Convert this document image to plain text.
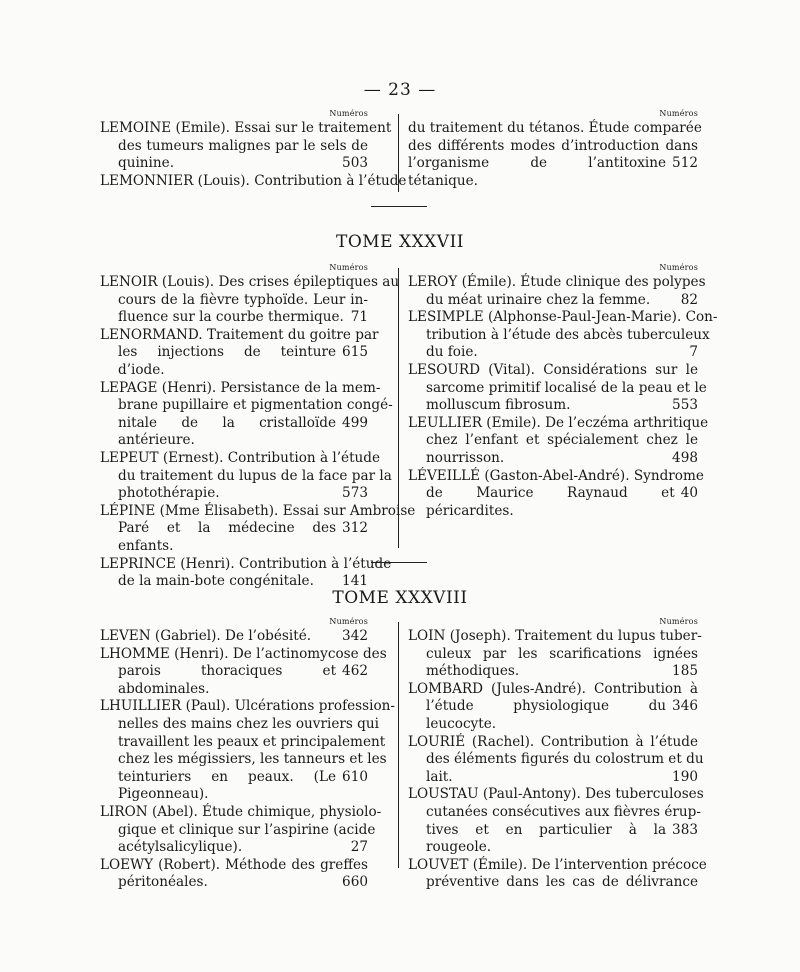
— 23 —
Numéros
LEMOINE (Emile). Essai sur le traitement
des tumeurs malignes par le sels de
quinine.	503
LEMONNIER (Louis). Contribution à l’étude
Numéros
du traitement du tétanos. Étude comparée
des différents modes d’introduction dans
l’organisme de l’antitoxine tétanique.
512
TOME XXXVII
Numéros
LENOIR (Louis). Des crises épileptiques au
cours de la fièvre typhoïde. Leur in-
fluence sur la courbe thermique. 71
LENORMAND. Traitement du goitre par
les injections de teinture d’iode.
615
LEPAGE (Henri). Persistance de la mem-
brane pupillaire et pigmentation congé-
nitale de la cristalloïde antérieure.
499
LEPEUT (Ernest). Contribution à l’étude
du traitement du lupus de la face par la
photothérapie.	573
LÉPINE (Mme Élisabeth). Essai sur Ambroise
Paré et la médecine des enfants.
312
LEPRINCE (Henri). Contribution à l’étude
de la main-bote congénitale.	141
Numéros
LEROY (Émile). Étude clinique des polypes
du méat urinaire chez la femme.	82
LESIMPLE (Alphonse-Paul-Jean-Marie). Con-
tribution à l’étude des abcès tuberculeux
du foie.	7
LESOURD (Vital). Considérations sur le
sarcome primitif localisé de la peau et le
molluscum fibrosum.	553
LEULLIER (Emile). De l’eczéma arthritique
chez l’enfant et spécialement chez le
nourrisson.	498
LÉVEILLÉ (Gaston-Abel-André). Syndrome
de Maurice Raynaud et péricardites.
40
TOME XXXVIII
Numéros
LEVEN (Gabriel). De l’obésité.	342
LHOMME (Henri). De l’actinomycose des
parois thoraciques et abdominales.
462
LHUILLIER (Paul). Ulcérations profession-
nelles des mains chez les ouvriers qui
travaillent les peaux et principalement
chez les mégissiers, les tanneurs et les
teinturiers en peaux. (Le Pigeonneau).
610
LIRON (Abel). Étude chimique, physiolo-
gique et clinique sur l’aspirine (acide
acétylsalicylique).	27
LOEWY (Robert). Méthode des greffes
péritonéales.	660
Numéros
LOIN (Joseph). Traitement du lupus tuber-
culeux par les scarifications ignées
méthodiques.	185
LOMBARD (Jules-André). Contribution à
l’étude physiologique du leucocyte.
346
LOURIÉ (Rachel). Contribution à l’étude
des éléments figurés du colostrum et du
lait.	190
LOUSTAU (Paul-Antony). Des tuberculoses
cutanées consécutives aux fièvres érup-
tives et en particulier à la rougeole.
383
LOUVET (Émile). De l’intervention précoce
préventive dans les cas de délivrance
